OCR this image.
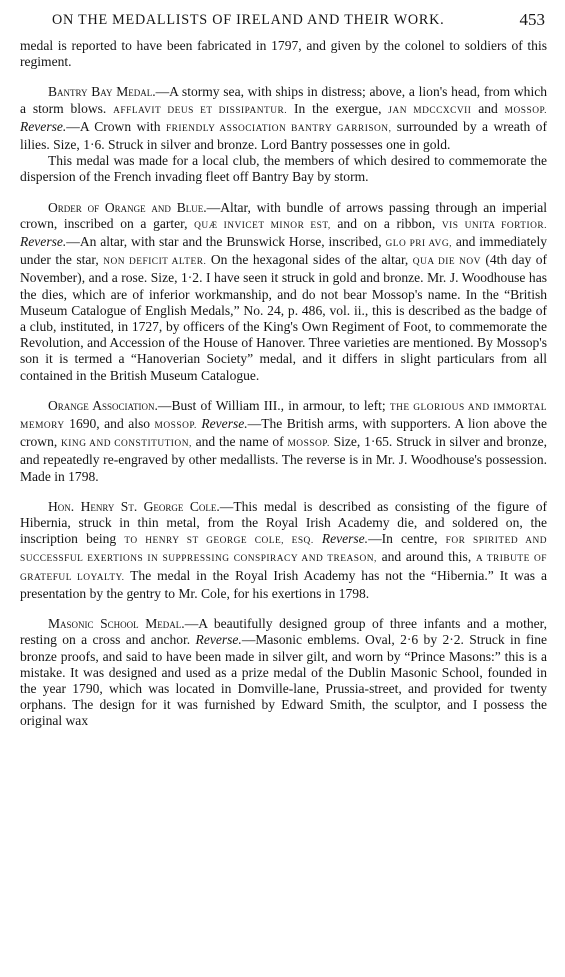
ON THE MEDALLISTS OF IRELAND AND THEIR WORK.	453

medal is reported to have been fabricated in 1797, and given by the colonel to soldiers of this regiment.

Bantry Bay Medal.—A stormy sea, with ships in distress; above, a lion's head, from which a storm blows. AFFLAVIT DEUS ET DISSIPANTUR. In the exergue, JAN MDCCXCVII and MOSSOP. Reverse.—A Crown with FRIENDLY ASSOCIATION BANTRY GARRISON, surrounded by a wreath of lilies. Size, 1·6. Struck in silver and bronze. Lord Bantry possesses one in gold.

This medal was made for a local club, the members of which desired to commemorate the dispersion of the French invading fleet off Bantry Bay by storm.

Order of Orange and Blue.—Altar, with bundle of arrows passing through an imperial crown, inscribed on a garter, QUÆ INVICET MINOR EST, and on a ribbon, VIS UNITA FORTIOR. Reverse.—An altar, with star and the Brunswick Horse, inscribed, GLO PRI AVG, and immediately under the star, NON DEFICIT ALTER. On the hexagonal sides of the altar, QUA DIE NOV (4th day of November), and a rose. Size, 1·2. I have seen it struck in gold and bronze. Mr. J. Woodhouse has the dies, which are of inferior workmanship, and do not bear Mossop's name. In the “British Museum Catalogue of English Medals,” No. 24, p. 486, vol. ii., this is described as the badge of a club, instituted, in 1727, by officers of the King's Own Regiment of Foot, to commemorate the Revolution, and Accession of the House of Hanover. Three varieties are mentioned. By Mossop's son it is termed a “Hanoverian Society” medal, and it differs in slight particulars from all contained in the British Museum Catalogue.

Orange Association.—Bust of William III., in armour, to left; THE GLORIOUS AND IMMORTAL MEMORY 1690, and also MOSSOP. Reverse.—The British arms, with supporters. A lion above the crown, KING AND CONSTITUTION, and the name of MOSSOP. Size, 1·65. Struck in silver and bronze, and repeatedly re-engraved by other medallists. The reverse is in Mr. J. Woodhouse's possession. Made in 1798.

Hon. Henry St. George Cole.—This medal is described as consisting of the figure of Hibernia, struck in thin metal, from the Royal Irish Academy die, and soldered on, the inscription being TO HENRY ST GEORGE COLE, ESQ. Reverse.—In centre, FOR SPIRITED AND SUCCESSFUL EXERTIONS IN SUPPRESSING CONSPIRACY AND TREASON, and around this, A TRIBUTE OF GRATEFUL LOYALTY. The medal in the Royal Irish Academy has not the “Hibernia.” It was a presentation by the gentry to Mr. Cole, for his exertions in 1798.

Masonic School Medal.—A beautifully designed group of three infants and a mother, resting on a cross and anchor. Reverse.—Masonic emblems. Oval, 2·6 by 2·2. Struck in fine bronze proofs, and said to have been made in silver gilt, and worn by “Prince Masons:” this is a mistake. It was designed and used as a prize medal of the Dublin Masonic School, founded in the year 1790, which was located in Domville-lane, Prussia-street, and provided for twenty orphans. The design for it was furnished by Edward Smith, the sculptor, and I possess the original wax
